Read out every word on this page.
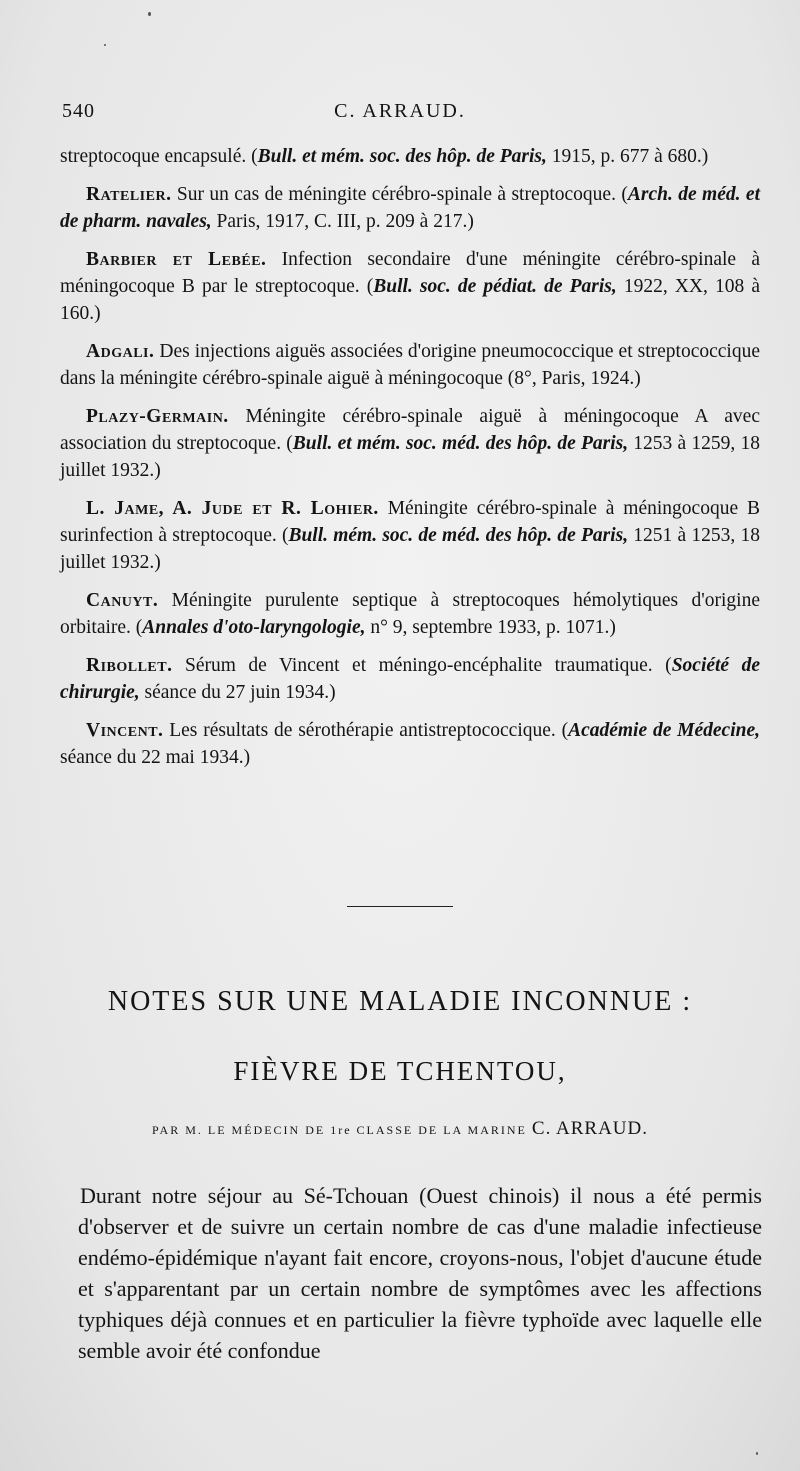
540	C. ARRAUD.

streptocoque encapsulé. (Bull. et mém. soc. des hôp. de Paris, 1915, p. 677 à 680.)

Ratelier. Sur un cas de méningite cérébro-spinale à streptocoque. (Arch. de méd. et de pharm. navales, Paris, 1917, C. III, p. 209 à 217.)

Barbier et Lebée. Infection secondaire d'une méningite cérébro-spinale à méningocoque B par le streptocoque. (Bull. soc. de pédiat. de Paris, 1922, XX, 108 à 160.)

Adgali. Des injections aiguës associées d'origine pneumococcique et streptococcique dans la méningite cérébro-spinale aiguë à méningocoque (8°, Paris, 1924.)

Plazy-Germain. Méningite cérébro-spinale aiguë à méningocoque A avec association du streptocoque. (Bull. et mém. soc. méd. des hôp. de Paris, 1253 à 1259, 18 juillet 1932.)

L. Jame, A. Jude et R. Lohier. Méningite cérébro-spinale à méningocoque B surinfection à streptocoque. (Bull. mém. soc. de méd. des hôp. de Paris, 1251 à 1253, 18 juillet 1932.)

Canuyt. Méningite purulente septique à streptocoques hémolytiques d'origine orbitaire. (Annales d'oto-laryngologie, n° 9, septembre 1933, p. 1071.)

Ribollet. Sérum de Vincent et méningo-encéphalite traumatique. (Société de chirurgie, séance du 27 juin 1934.)

Vincent. Les résultats de sérothérapie antistreptococcique. (Académie de Médecine, séance du 22 mai 1934.)

NOTES SUR UNE MALADIE INCONNUE :
FIÈVRE DE TCHENTOU,
PAR M. LE MÉDECIN DE 1re CLASSE DE LA MARINE C. ARRAUD.
Durant notre séjour au Sé-Tchouan (Ouest chinois) il nous a été permis d'observer et de suivre un certain nombre de cas d'une maladie infectieuse endémo-épidémique n'ayant fait encore, croyons-nous, l'objet d'aucune étude et s'apparentant par un certain nombre de symptômes avec les affections typhiques déjà connues et en particulier la fièvre typhoïde avec laquelle elle semble avoir été confondue
